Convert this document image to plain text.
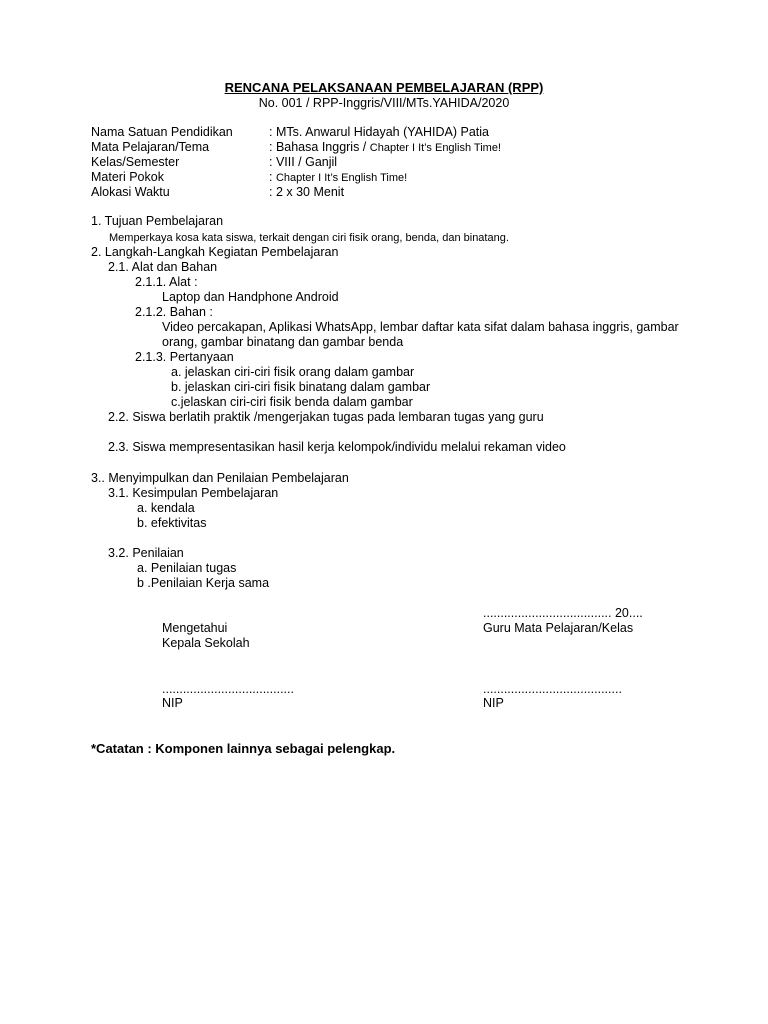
RENCANA PELAKSANAAN PEMBELAJARAN (RPP)
No. 001 / RPP-Inggris/VIII/MTs.YAHIDA/2020
Nama Satuan Pendidikan	: MTs. Anwarul Hidayah (YAHIDA) Patia
Mata Pelajaran/Tema	: Bahasa Inggris / Chapter I It’s English Time!
Kelas/Semester	: VIII / Ganjil
Materi Pokok	: Chapter I It’s English Time!
Alokasi Waktu	: 2 x 30 Menit
1. Tujuan Pembelajaran
Memperkaya kosa kata siswa, terkait dengan ciri fisik orang, benda, dan binatang.
2. Langkah-Langkah Kegiatan Pembelajaran
2.1. Alat dan Bahan
2.1.1. Alat :
Laptop dan Handphone Android
2.1.2. Bahan :
Video percakapan, Aplikasi WhatsApp, lembar daftar kata sifat dalam bahasa inggris, gambar
orang, gambar binatang dan gambar benda
2.1.3. Pertanyaan
a. jelaskan ciri-ciri fisik orang dalam gambar
b. jelaskan ciri-ciri fisik binatang dalam gambar
c.jelaskan ciri-ciri fisik benda dalam gambar
2.2. Siswa berlatih praktik /mengerjakan tugas pada lembaran tugas yang guru
2.3. Siswa mempresentasikan hasil kerja kelompok/individu melalui rekaman video
3.. Menyimpulkan dan Penilaian Pembelajaran
3.1. Kesimpulan Pembelajaran
a. kendala
b. efektivitas
3.2. Penilaian
a. Penilaian tugas
b .Penilaian Kerja sama
..................................... 20....
Mengetahui	Guru Mata Pelajaran/Kelas
Kepala Sekolah
......................................	........................................
NIP	NIP
*Catatan : Komponen lainnya sebagai pelengkap.
